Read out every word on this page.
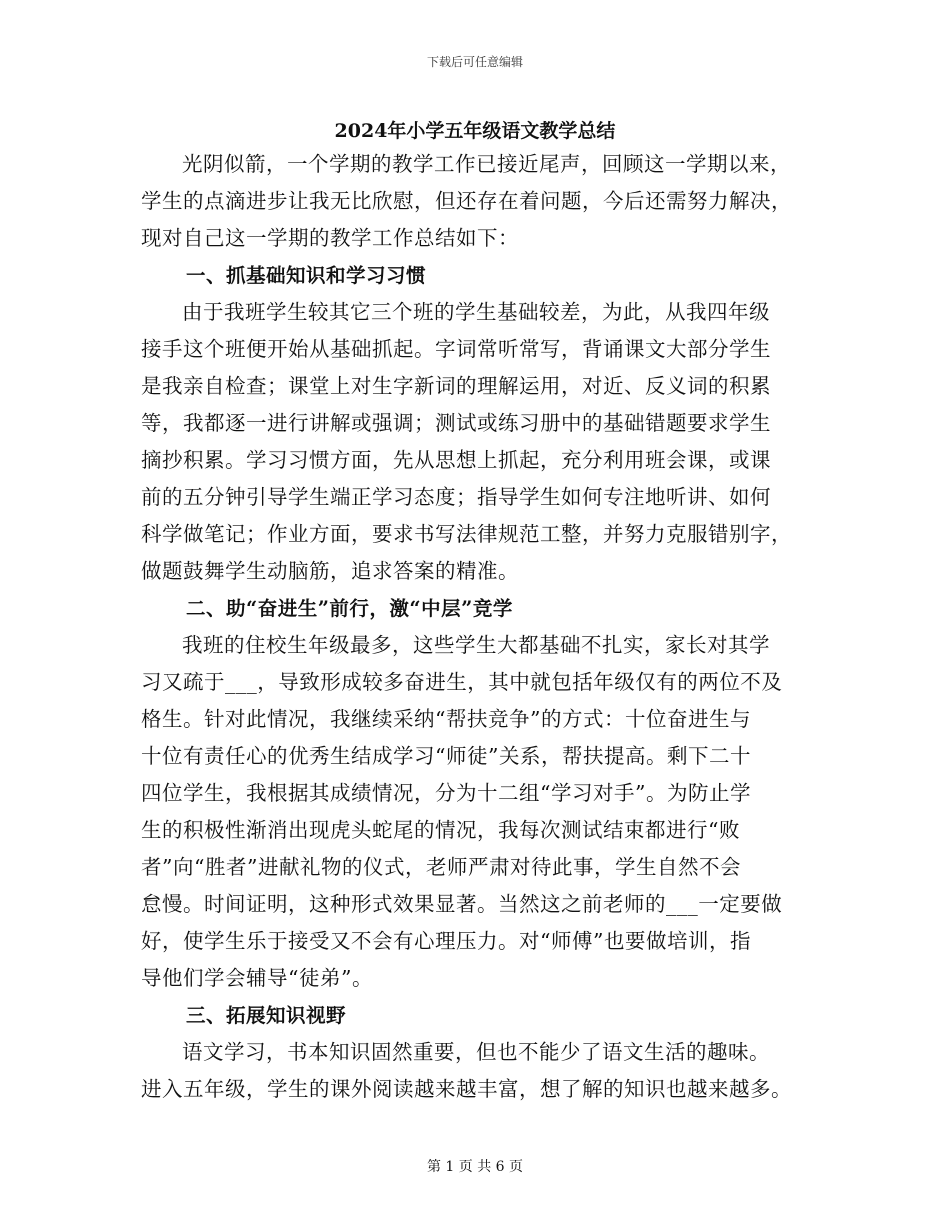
下载后可任意编辑
2024年小学五年级语文教学总结
光阴似箭，一个学期的教学工作已接近尾声，回顾这一学期以来，
学生的点滴进步让我无比欣慰，但还存在着问题，今后还需努力解决，
现对自己这一学期的教学工作总结如下：
一、抓基础知识和学习习惯
由于我班学生较其它三个班的学生基础较差，为此，从我四年级
接手这个班便开始从基础抓起。字词常听常写，背诵课文大部分学生
是我亲自检查；课堂上对生字新词的理解运用，对近、反义词的积累
等，我都逐一进行讲解或强调；测试或练习册中的基础错题要求学生
摘抄积累。学习习惯方面，先从思想上抓起，充分利用班会课，或课
前的五分钟引导学生端正学习态度；指导学生如何专注地听讲、如何
科学做笔记；作业方面，要求书写法律规范工整，并努力克服错别字，
做题鼓舞学生动脑筋，追求答案的精准。
二、助“奋进生”前行，激“中层”竞学
我班的住校生年级最多，这些学生大都基础不扎实，家长对其学
习又疏于___，导致形成较多奋进生，其中就包括年级仅有的两位不及
格生。针对此情况，我继续采纳“帮扶竞争”的方式：十位奋进生与
十位有责任心的优秀生结成学习“师徒”关系，帮扶提高。剩下二十
四位学生，我根据其成绩情况，分为十二组“学习对手”。为防止学
生的积极性渐消出现虎头蛇尾的情况，我每次测试结束都进行“败
者”向“胜者”进献礼物的仪式，老师严肃对待此事，学生自然不会
怠慢。时间证明，这种形式效果显著。当然这之前老师的___一定要做
好，使学生乐于接受又不会有心理压力。对“师傅”也要做培训，指
导他们学会辅导“徒弟”。
三、拓展知识视野
语文学习，书本知识固然重要，但也不能少了语文生活的趣味。
进入五年级，学生的课外阅读越来越丰富，想了解的知识也越来越多。
第 1 页 共 6 页
